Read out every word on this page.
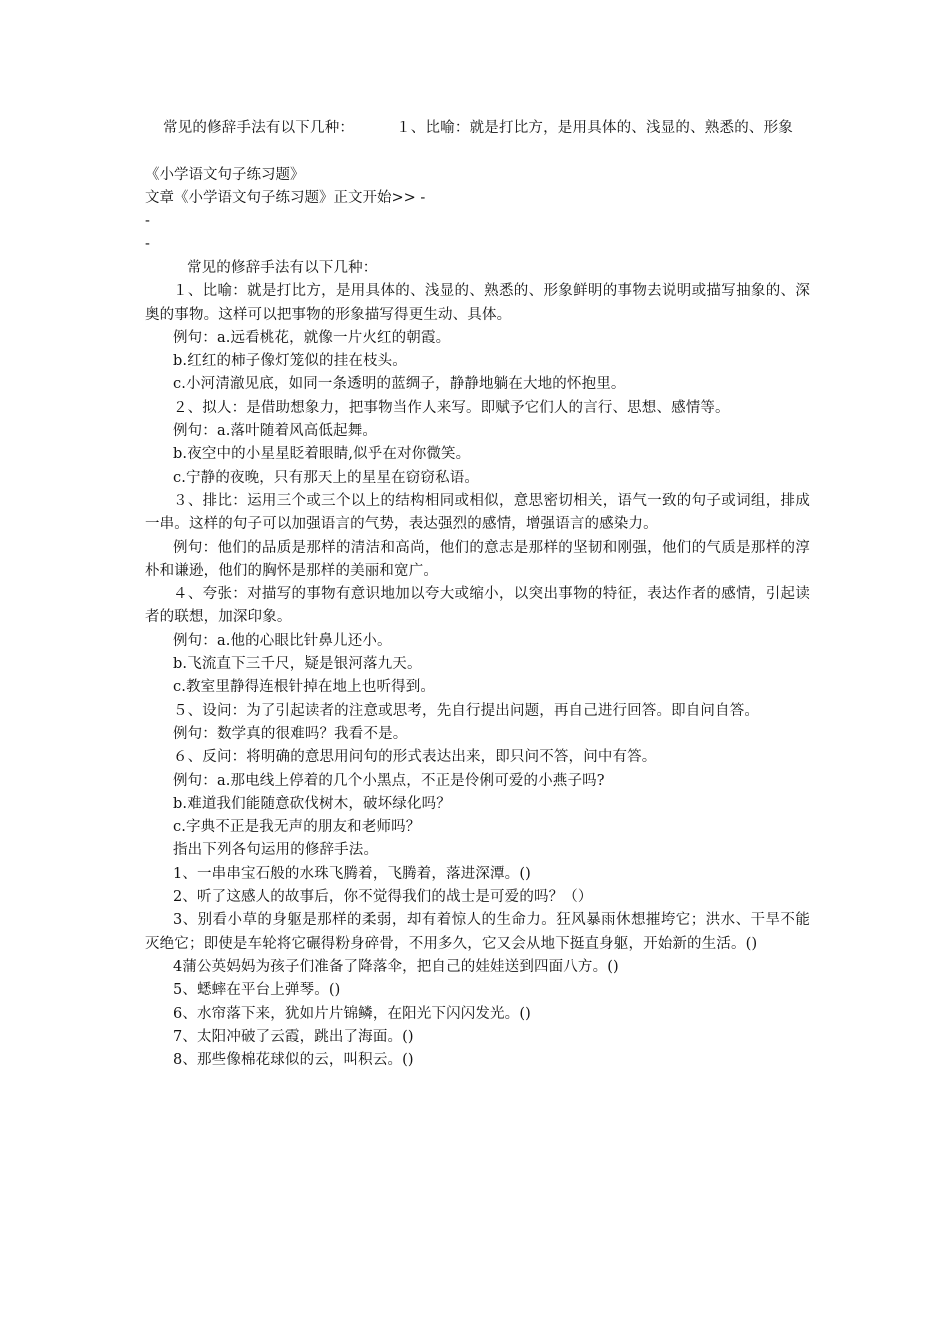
常见的修辞手法有以下几种：	１、比喻：就是打比方，是用具体的、浅显的、熟悉的、形象

《小学语文句子练习题》

文章《小学语文句子练习题》正文开始>> -

-

-

常见的修辞手法有以下几种：

１、比喻：就是打比方，是用具体的、浅显的、熟悉的、形象鲜明的事物去说明或描写抽象的、深奥的事物。这样可以把事物的形象描写得更生动、具体。

例句：a.远看桃花，就像一片火红的朝霞。

b.红红的柿子像灯笼似的挂在枝头。

c.小河清澈见底，如同一条透明的蓝绸子，静静地躺在大地的怀抱里。

２、拟人：是借助想象力，把事物当作人来写。即赋予它们人的言行、思想、感情等。

例句：a.落叶随着风高低起舞。

b.夜空中的小星星眨着眼睛,似乎在对你微笑。

c.宁静的夜晚，只有那天上的星星在窃窃私语。

３、排比：运用三个或三个以上的结构相同或相似，意思密切相关，语气一致的句子或词组，排成一串。这样的句子可以加强语言的气势，表达强烈的感情，增强语言的感染力。

例句：他们的品质是那样的清洁和高尚，他们的意志是那样的坚韧和刚强，他们的气质是那样的淳朴和谦逊，他们的胸怀是那样的美丽和宽广。

４、夸张：对描写的事物有意识地加以夸大或缩小，以突出事物的特征，表达作者的感情，引起读者的联想，加深印象。

例句：a.他的心眼比针鼻儿还小。

b.飞流直下三千尺，疑是银河落九天。

c.教室里静得连根针掉在地上也听得到。

５、设问：为了引起读者的注意或思考，先自行提出问题，再自己进行回答。即自问自答。

例句：数学真的很难吗？我看不是。

６、反问：将明确的意思用问句的形式表达出来，即只问不答，问中有答。

例句：a.那电线上停着的几个小黑点，不正是伶俐可爱的小燕子吗?

b.难道我们能随意砍伐树木，破坏绿化吗？

c.字典不正是我无声的朋友和老师吗？

指出下列各句运用的修辞手法。

1、一串串宝石般的水珠飞腾着，飞腾着，落进深潭。()

2、听了这感人的故事后，你不觉得我们的战士是可爱的吗？（）

3、别看小草的身躯是那样的柔弱，却有着惊人的生命力。狂风暴雨休想摧垮它；洪水、干旱不能灭绝它；即使是车轮将它碾得粉身碎骨，不用多久，它又会从地下挺直身躯，开始新的生活。()

4蒲公英妈妈为孩子们准备了降落伞，把自己的娃娃送到四面八方。()

5、蟋蟀在平台上弹琴。()

6、水帘落下来，犹如片片锦鳞，在阳光下闪闪发光。()

7、太阳冲破了云霞，跳出了海面。()

8、那些像棉花球似的云，叫积云。()
